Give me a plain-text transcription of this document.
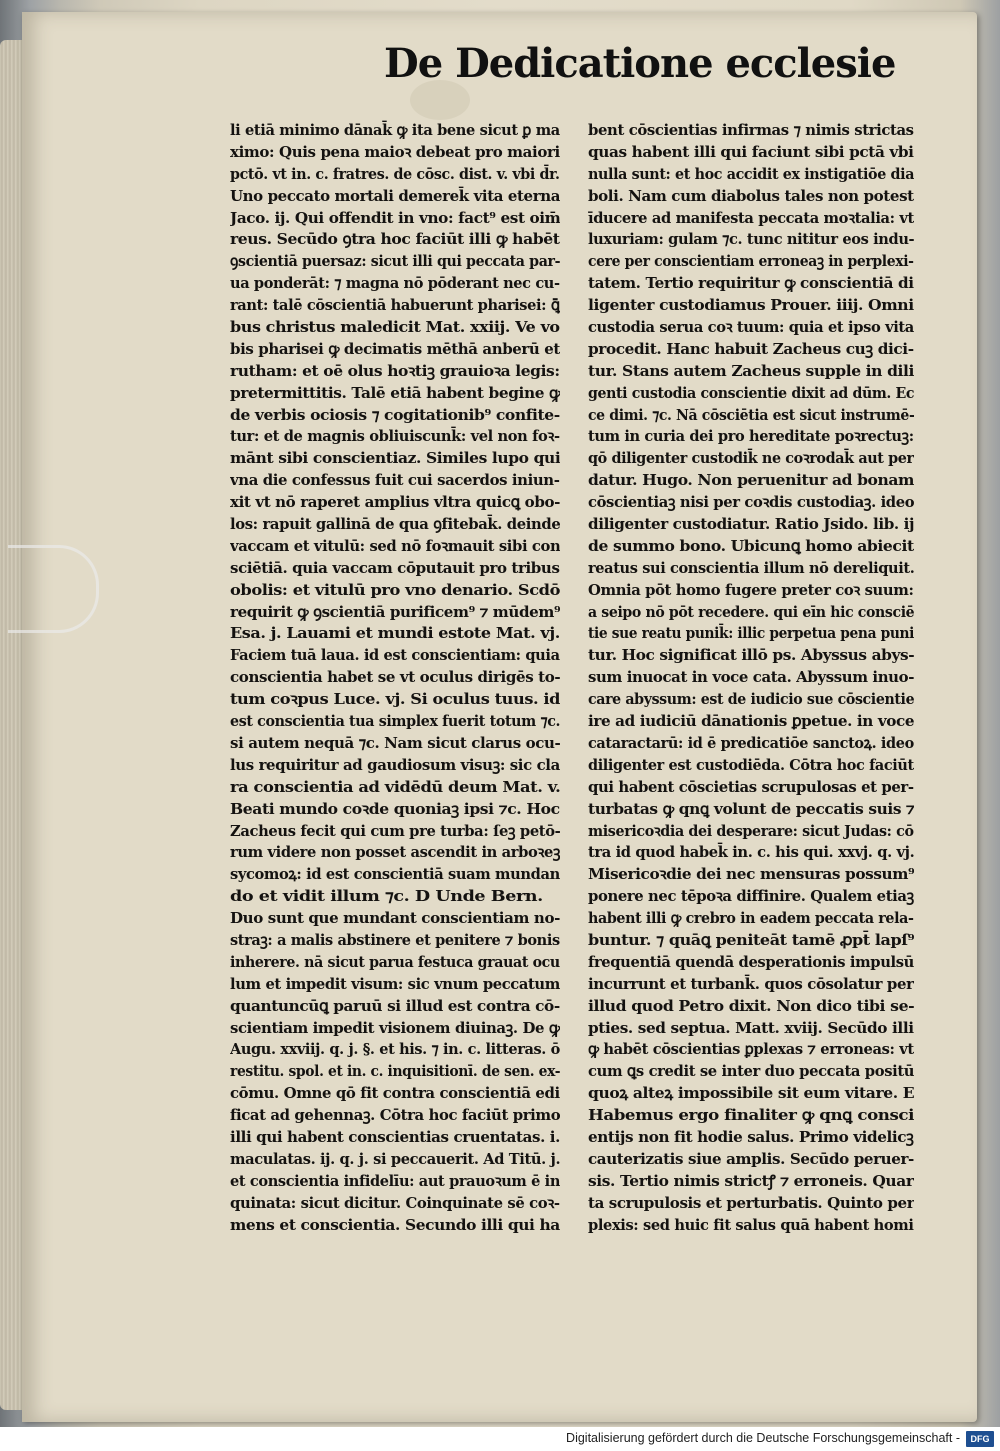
De Dedicatione ecclesie
li etiā minimo dānak̄ ꝙ ita bene sicut ꝑ ma
ximo: Quis pena maioꝛ debeat pro maiori
pctō. vt in. c. fratres. de cōsc. dist. v. vbi d̄r.
Uno peccato mortali demerek̄ vita eterna
Jaco. ij. Qui offendit in vno: fact⁹ est oim̄
reus. Secūdo ꝯtra hoc faciūt illi ꝙ habēt
ꝯscientiā puersaz: sicut illi qui peccata par-
ua ponderāt: ⁊ magna nō pōderant nec cu-
rant: talē cōscientiā habuerunt pharisei: ꝗ̄
bus christus maledicit Mat. xxiij. Ve vo
bis pharisei ꝙ decimatis mēthā anberū et
rutham: et oē olus hoꝛtiꝫ grauioꝛa legis:
pretermittitis. Talē etiā habent begine ꝙ
de verbis ociosis ⁊ cogitationib⁹ confite-
tur: et de magnis obliuiscunk̄: vel non foꝛ-
mānt sibi conscientiaz. Similes lupo qui
vna die confessus fuit cui sacerdos iniun-
xit vt nō raperet amplius vltra quicꝗ obo-
los: rapuit gallinā de qua ꝯfitebak̄. deinde
vaccam et vitulū: sed nō foꝛmauit sibi con
sciētiā. quia vaccam cōputauit pro tribus
obolis: et vitulū pro vno denario. Scdō
requirit ꝙ ꝯscientiā purificem⁹ ⁊ mūdem⁹
Esa. j. Lauami et mundi estote Mat. vj.
Faciem tuā laua. id est conscientiam: quia
conscientia habet se vt oculus dirigēs to-
tum coꝛpus Luce. vj. Si oculus tuus. id
est conscientia tua simplex fuerit totum ⁊c.
si autem nequā ⁊c. Nam sicut clarus ocu-
lus requiritur ad gaudiosum visuꝫ: sic cla
ra conscientia ad vidēdū deum Mat. v.
Beati mundo coꝛde quoniaꝫ ipsi ⁊c. Hoc
Zacheus fecit qui cum pre turba: ſeꝫ petō-
rum videre non posset ascendit in arboꝛeꝫ
sycomoꝝ: id est conscientiā suam mundan
do et vidit illum ⁊c. D Unde Bern.
Duo sunt que mundant conscientiam no-
straꝫ: a malis abstinere et penitere ⁊ bonis
inherere. nā sicut parua festuca grauat ocu
lum et impedit visum: sic vnum peccatum
quantuncūꝗ paruū si illud est contra cō-
scientiam impedit visionem diuinaꝫ. De ꝙ
Augu. xxviij. q. j. §. et his. ⁊ in. c. litteras. ō
restitu. spol. et in. c. inquisitionī. de sen. ex-
cōmu. Omne qō fit contra conscientiā edi
ficat ad gehennaꝫ. Cōtra hoc faciūt primo
illi qui habent conscientias cruentatas. i.
maculatas. ij. q. j. si peccauerit. Ad Titū. j.
et conscientia infidelīu: aut prauoꝛum ē in
quinata: sicut dicitur. Coinquinate sē coꝛ-
mens et conscientia. Secundo illi qui ha
bent cōscientias infirmas ⁊ nimis strictas
quas habent illi qui faciunt sibi pctā vbi
nulla sunt: et hoc accidit ex instigatiōe dia
boli. Nam cum diabolus tales non potest
īducere ad manifesta peccata moꝛtalia: vt
luxuriam: gulam ⁊c. tunc nititur eos indu-
cere per conscientiam erroneaꝫ in perplexi-
tatem. Tertio requiritur ꝙ conscientiā di
ligenter custodiamus Prouer. iiij. Omni
custodia serua coꝛ tuum: quia et ipso vita
procedit. Hanc habuit Zacheus cuꝫ dici-
tur. Stans autem Zacheus supple in dili
genti custodia conscientie dixit ad dūm. Ec
ce dimi. ⁊c. Nā cōsciētia est sicut instrumē-
tum in curia dei pro hereditate poꝛrectuꝫ:
qō diligenter custodik̄ ne coꝛrodak̄ aut per
datur. Hugo. Non peruenitur ad bonam
cōscientiaꝫ nisi per coꝛdis custodiaꝫ. ideo
diligenter custodiatur. Ratio Jsido. lib. ij
de summo bono. Ubicunꝗ homo abiecit
reatus sui conscientia illum nō dereliquit.
Omnia pōt homo fugere preter coꝛ suum:
a seipo nō pōt recedere. qui eīn hic consciē
tie sue reatu punik̄: illic perpetua pena puni
tur. Hoc significat illō ps. Abyssus abys-
sum inuocat in voce cata. Abyssum inuo-
care abyssum: est de iudicio sue cōscientie
ire ad iudiciū dānationis ꝑpetue. in voce
cataractarū: id ē predicatiōe sanctoꝝ. ideo
diligenter est custodiēda. Cōtra hoc faciūt
qui habent cōscietias scrupulosas et per-
turbatas ꝙ qnꝗ volunt de peccatis suis ⁊
misericoꝛdia dei desperare: sicut Judas: cō
tra id quod habek̄ in. c. his qui. xxvj. q. vj.
Misericoꝛdie dei nec mensuras possum⁹
ponere nec tēpoꝛa diffinire. Qualem etiaꝫ
habent illi ꝙ crebro in eadem peccata rela-
buntur. ⁊ quāꝗ peniteāt tamē ꝓpt̄ lapſ⁹
frequentiā quendā desperationis impulsū
incurrunt et turbank̄. quos cōsolatur per
illud quod Petro dixit. Non dico tibi se-
pties. sed septua. Matt. xviij. Secūdo illi
ꝙ habēt cōscientias ꝑplexas ⁊ erroneas: vt
cum ꝗs credit se inter duo peccata positū
quoꝝ alteꝝ impossibile sit eum vitare. E
Habemus ergo finaliter ꝙ qnꝗ consci
entijs non fit hodie salus. Primo videlicꝫ
cauterizatis siue amplis. Secūdo peruer-
sis. Tertio nimis strictꝭ ⁊ erroneis. Quar
ta scrupulosis et perturbatis. Quinto per
plexis: sed huic fit salus quā habent homi
Digitalisierung gefördert durch die Deutsche Forschungsgemeinschaft -	DFG
